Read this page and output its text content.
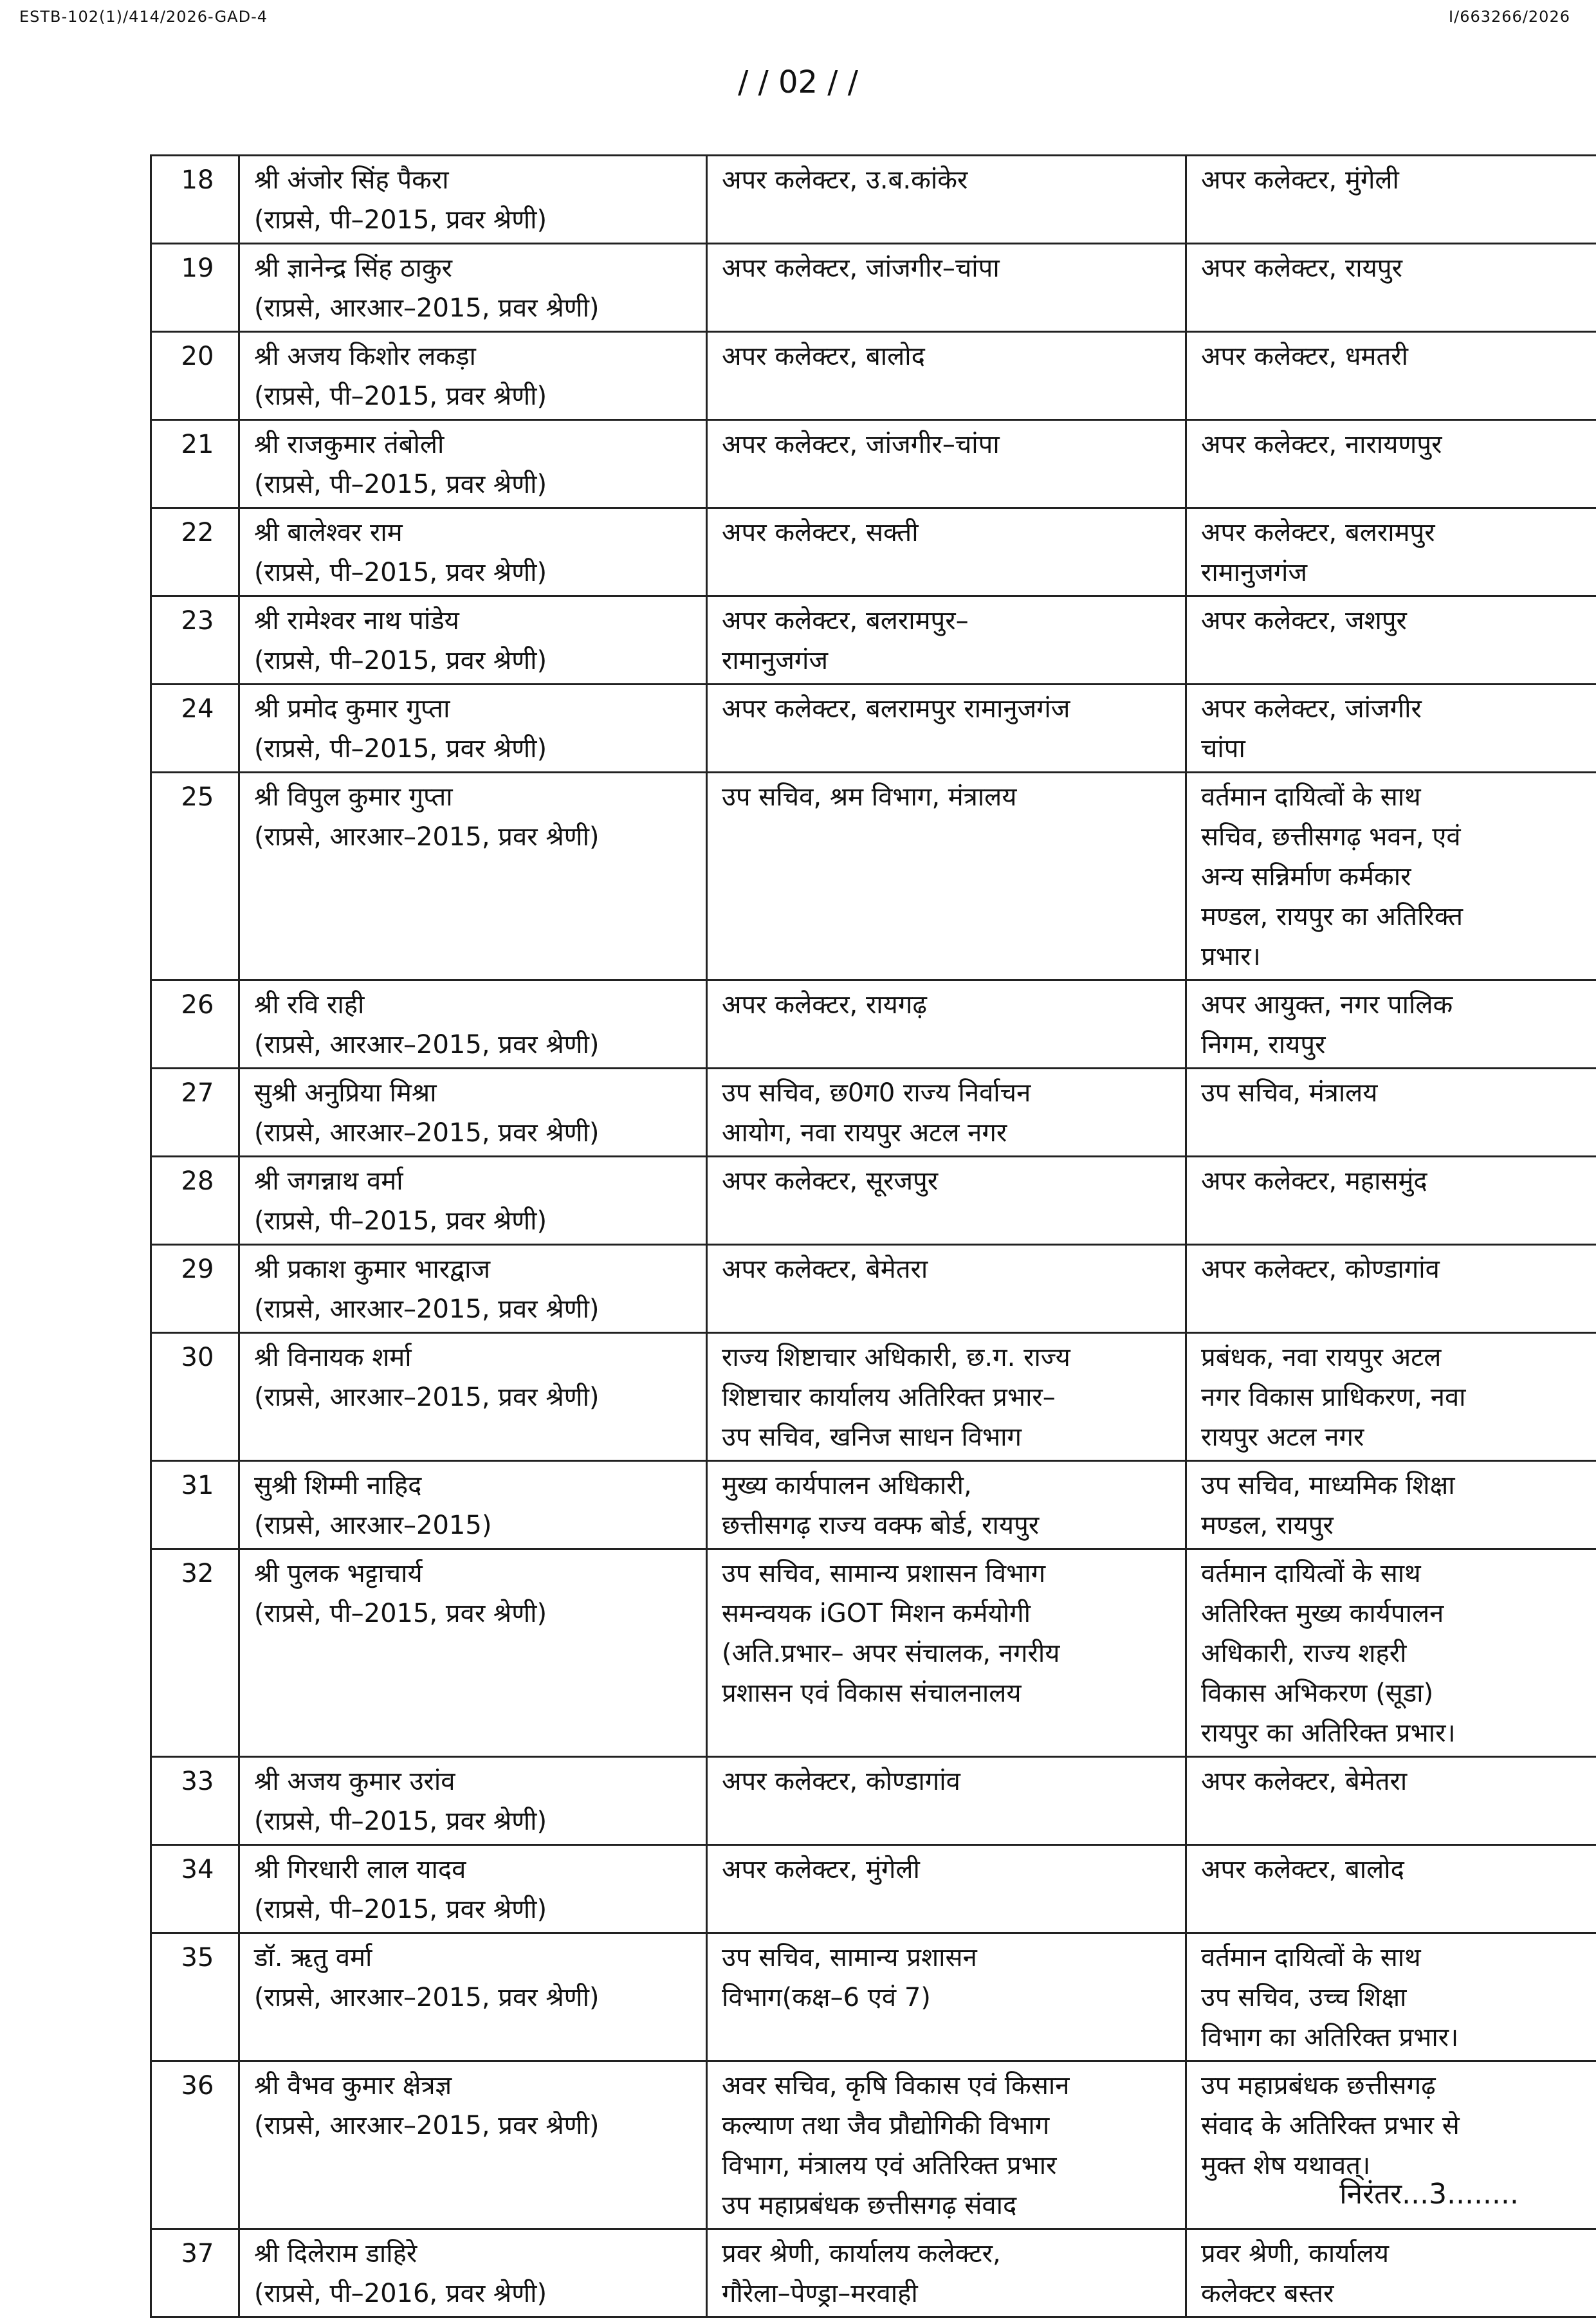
ESTB-102(1)/414/2026-GAD-4	I/663266/2026
/ / 02 / /
18	श्री अंजोर सिंह पैकरा
(राप्रसे, पी–2015, प्रवर श्रेणी)	अपर कलेक्टर, उ.ब.कांकेर	अपर कलेक्टर, मुंगेली

19	श्री ज्ञानेन्द्र सिंह ठाकुर
(राप्रसे, आरआर–2015, प्रवर श्रेणी)	अपर कलेक्टर, जांजगीर–चांपा	अपर कलेक्टर, रायपुर

20	श्री अजय किशोर लकड़ा
(राप्रसे, पी–2015, प्रवर श्रेणी)	अपर कलेक्टर, बालोद	अपर कलेक्टर, धमतरी

21	श्री राजकुमार तंबोली
(राप्रसे, पी–2015, प्रवर श्रेणी)	अपर कलेक्टर, जांजगीर–चांपा	अपर कलेक्टर, नारायणपुर

22	श्री बालेश्वर राम
(राप्रसे, पी–2015, प्रवर श्रेणी)	अपर कलेक्टर, सक्ती	अपर कलेक्टर, बलरामपुर
रामानुजगंज

23	श्री रामेश्वर नाथ पांडेय
(राप्रसे, पी–2015, प्रवर श्रेणी)	अपर कलेक्टर, बलरामपुर–
रामानुजगंज	अपर कलेक्टर, जशपुर

24	श्री प्रमोद कुमार गुप्ता
(राप्रसे, पी–2015, प्रवर श्रेणी)	अपर कलेक्टर, बलरामपुर रामानुजगंज	अपर कलेक्टर, जांजगीर
चांपा

25	श्री विपुल कुमार गुप्ता
(राप्रसे, आरआर–2015, प्रवर श्रेणी)	उप सचिव, श्रम विभाग, मंत्रालय	वर्तमान दायित्वों के साथ
सचिव, छत्तीसगढ़ भवन, एवं
अन्य सन्निर्माण कर्मकार
मण्डल, रायपुर का अतिरिक्त
प्रभार।

26	श्री रवि राही
(राप्रसे, आरआर–2015, प्रवर श्रेणी)	अपर कलेक्टर, रायगढ़	अपर आयुक्त, नगर पालिक
निगम, रायपुर

27	सुश्री अनुप्रिया मिश्रा
(राप्रसे, आरआर–2015, प्रवर श्रेणी)	उप सचिव, छ0ग0 राज्य निर्वाचन
आयोग, नवा रायपुर अटल नगर	उप सचिव, मंत्रालय

28	श्री जगन्नाथ वर्मा
(राप्रसे, पी–2015, प्रवर श्रेणी)	अपर कलेक्टर, सूरजपुर	अपर कलेक्टर, महासमुंद

29	श्री प्रकाश कुमार भारद्वाज
(राप्रसे, आरआर–2015, प्रवर श्रेणी)	अपर कलेक्टर, बेमेतरा	अपर कलेक्टर, कोण्डागांव

30	श्री विनायक शर्मा
(राप्रसे, आरआर–2015, प्रवर श्रेणी)	राज्य शिष्टाचार अधिकारी, छ.ग. राज्य
शिष्टाचार कार्यालय अतिरिक्त प्रभार–
उप सचिव, खनिज साधन विभाग	प्रबंधक, नवा रायपुर अटल
नगर विकास प्राधिकरण, नवा
रायपुर अटल नगर

31	सुश्री शिम्मी नाहिद
(राप्रसे, आरआर–2015)	मुख्य कार्यपालन अधिकारी,
छत्तीसगढ़ राज्य वक्फ बोर्ड, रायपुर	उप सचिव, माध्यमिक शिक्षा
मण्डल, रायपुर

32	श्री पुलक भट्टाचार्य
(राप्रसे, पी–2015, प्रवर श्रेणी)	उप सचिव, सामान्य प्रशासन विभाग
समन्वयक iGOT मिशन कर्मयोगी
(अति.प्रभार– अपर संचालक, नगरीय
प्रशासन एवं विकास संचालनालय	वर्तमान दायित्वों के साथ
अतिरिक्त मुख्य कार्यपालन
अधिकारी, राज्य शहरी
विकास अभिकरण (सूडा)
रायपुर का अतिरिक्त प्रभार।

33	श्री अजय कुमार उरांव
(राप्रसे, पी–2015, प्रवर श्रेणी)	अपर कलेक्टर, कोण्डागांव	अपर कलेक्टर, बेमेतरा

34	श्री गिरधारी लाल यादव
(राप्रसे, पी–2015, प्रवर श्रेणी)	अपर कलेक्टर, मुंगेली	अपर कलेक्टर, बालोद

35	डॉ. ऋतु वर्मा
(राप्रसे, आरआर–2015, प्रवर श्रेणी)	उप सचिव, सामान्य प्रशासन
विभाग(कक्ष–6 एवं 7)	वर्तमान दायित्वों के साथ
उप सचिव, उच्च शिक्षा
विभाग का अतिरिक्त प्रभार।

36	श्री वैभव कुमार क्षेत्रज्ञ
(राप्रसे, आरआर–2015, प्रवर श्रेणी)	अवर सचिव, कृषि विकास एवं किसान
कल्याण तथा जैव प्रौद्योगिकी विभाग
विभाग, मंत्रालय एवं अतिरिक्त प्रभार
उप महाप्रबंधक छत्तीसगढ़ संवाद	उप महाप्रबंधक छत्तीसगढ़
संवाद के अतिरिक्त प्रभार से
मुक्त शेष यथावत्।

37	श्री दिलेराम डाहिरे
(राप्रसे, पी–2016, प्रवर श्रेणी)	प्रवर श्रेणी, कार्यालय कलेक्टर,
गौरेला–पेण्ड्रा–मरवाही	प्रवर श्रेणी, कार्यालय
कलेक्टर बस्तर
निरंतर...3........
